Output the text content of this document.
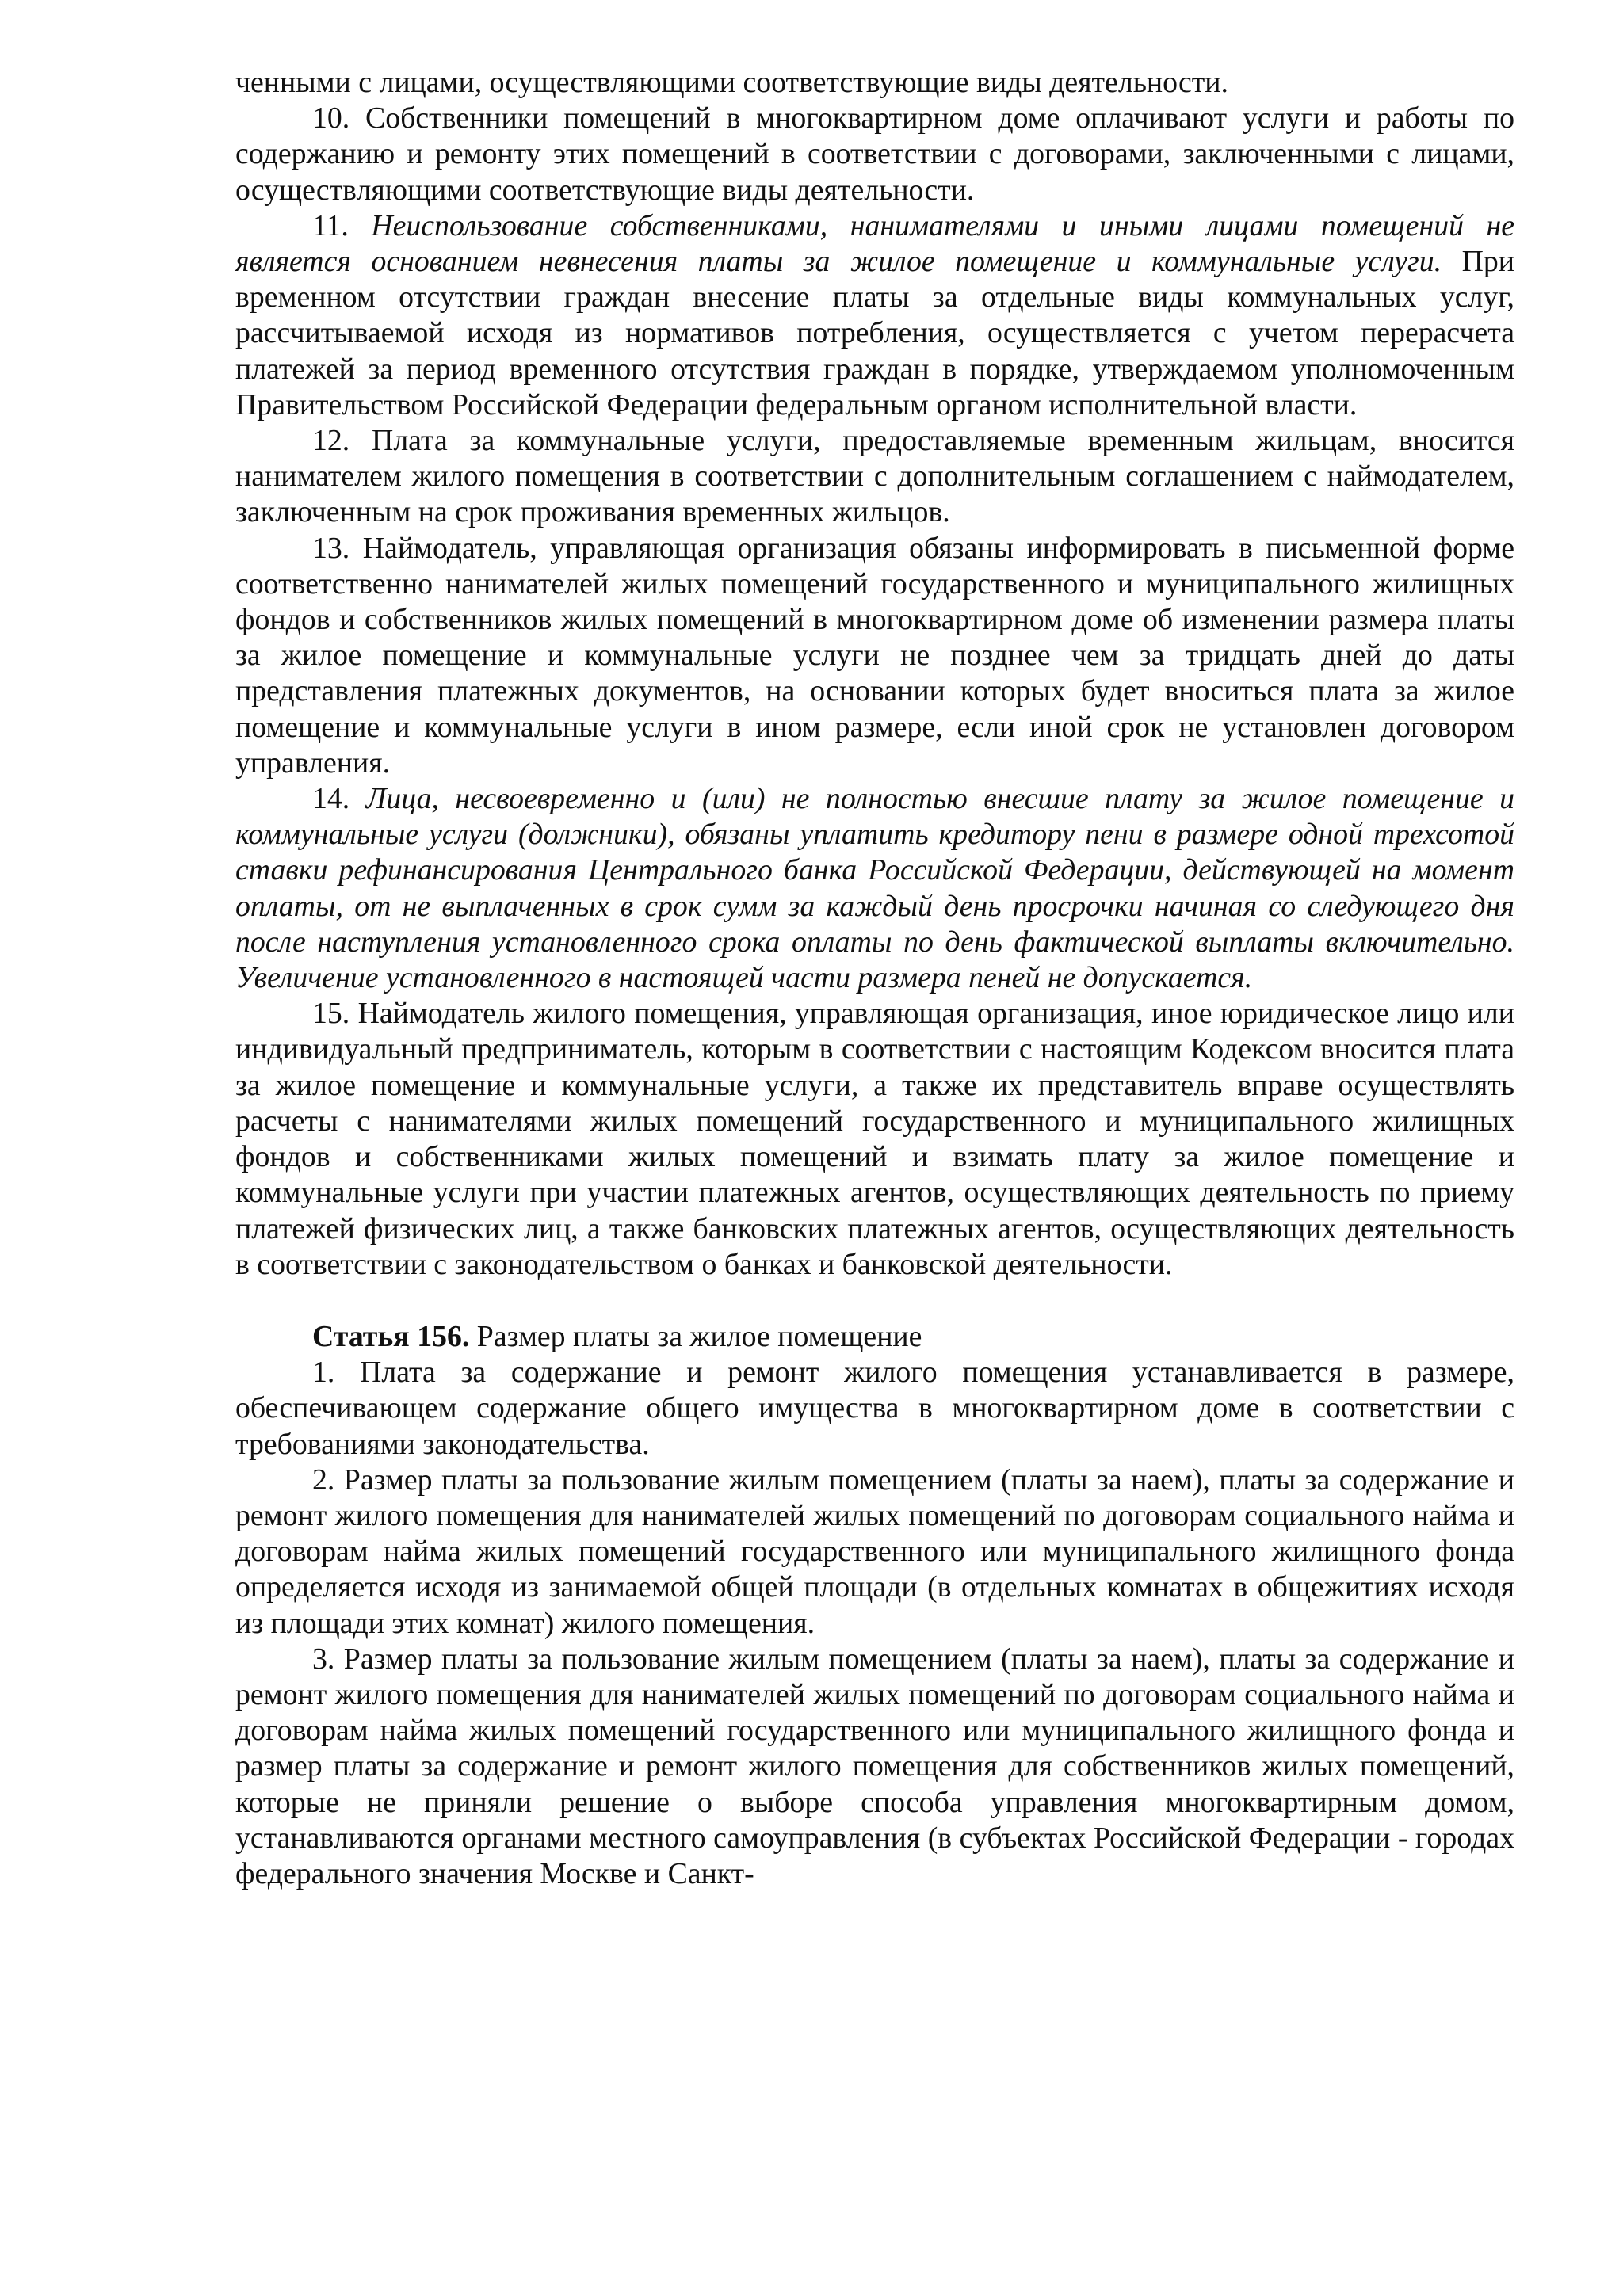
ченными с лицами, осуществляющими соответствующие виды деятельности.

10. Собственники помещений в многоквартирном доме оплачивают услуги и работы по содержанию и ремонту этих помещений в соответствии с договорами, заключенными с лицами, осуществляющими соответствующие виды деятельности.

11. Неиспользование собственниками, нанимателями и иными лицами помещений не является основанием невнесения платы за жилое помещение и коммунальные услуги. При временном отсутствии граждан внесение платы за отдельные виды коммунальных услуг, рассчитываемой исходя из нормативов потребления, осуществляется с учетом перерасчета платежей за период временного отсутствия граждан в порядке, утверждаемом уполномоченным Правительством Российской Федерации федеральным органом исполнительной власти.

12. Плата за коммунальные услуги, предоставляемые временным жильцам, вносится нанимателем жилого помещения в соответствии с дополнительным соглашением с наймодателем, заключенным на срок проживания временных жильцов.

13. Наймодатель, управляющая организация обязаны информировать в письменной форме соответственно нанимателей жилых помещений государственного и муниципального жилищных фондов и собственников жилых помещений в многоквартирном доме об изменении размера платы за жилое помещение и коммунальные услуги не позднее чем за тридцать дней до даты представления платежных документов, на основании которых будет вноситься плата за жилое помещение и коммунальные услуги в ином размере, если иной срок не установлен договором управления.

14. Лица, несвоевременно и (или) не полностью внесшие плату за жилое помещение и коммунальные услуги (должники), обязаны уплатить кредитору пени в размере одной трехсотой ставки рефинансирования Центрального банка Российской Федерации, действующей на момент оплаты, от не выплаченных в срок сумм за каждый день просрочки начиная со следующего дня после наступления установленного срока оплаты по день фактической выплаты включительно. Увеличение установленного в настоящей части размера пеней не допускается.

15. Наймодатель жилого помещения, управляющая организация, иное юридическое лицо или индивидуальный предприниматель, которым в соответствии с настоящим Кодексом вносится плата за жилое помещение и коммунальные услуги, а также их представитель вправе осуществлять расчеты с нанимателями жилых помещений государственного и муниципального жилищных фондов и собственниками жилых помещений и взимать плату за жилое помещение и коммунальные услуги при участии платежных агентов, осуществляющих деятельность по приему платежей физических лиц, а также банковских платежных агентов, осуществляющих деятельность в соответствии с законодательством о банках и банковской деятельности.

Статья 156. Размер платы за жилое помещение

1. Плата за содержание и ремонт жилого помещения устанавливается в размере, обеспечивающем содержание общего имущества в многоквартирном доме в соответствии с требованиями законодательства.

2. Размер платы за пользование жилым помещением (платы за наем), платы за содержание и ремонт жилого помещения для нанимателей жилых помещений по договорам социального найма и договорам найма жилых помещений государственного или муниципального жилищного фонда определяется исходя из занимаемой общей площади (в отдельных комнатах в общежитиях исходя из площади этих комнат) жилого помещения.

3. Размер платы за пользование жилым помещением (платы за наем), платы за содержание и ремонт жилого помещения для нанимателей жилых помещений по договорам социального найма и договорам найма жилых помещений государственного или муниципального жилищного фонда и размер платы за содержание и ремонт жилого помещения для собственников жилых помещений, которые не приняли решение о выборе способа управления многоквартирным домом, устанавливаются органами местного самоуправления (в субъектах Российской Федерации - городах федерального значения Москве и Санкт-
